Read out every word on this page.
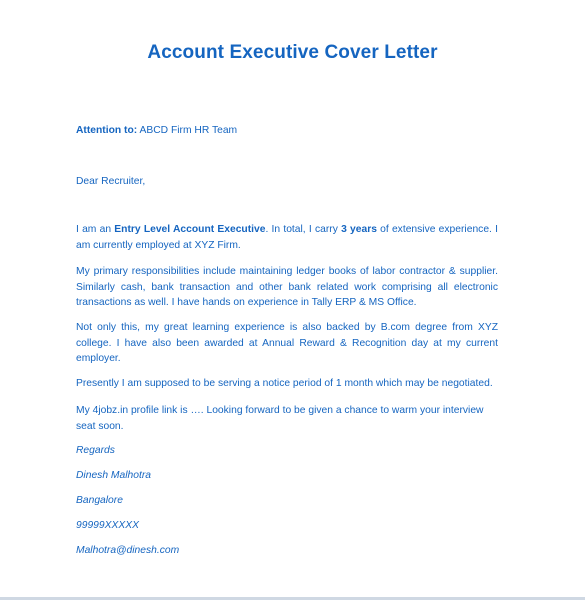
Account Executive Cover Letter

Attention to: ABCD Firm HR Team

Dear Recruiter,

I am an Entry Level Account Executive. In total, I carry 3 years of extensive experience. I am currently employed at XYZ Firm.

My primary responsibilities include maintaining ledger books of labor contractor & supplier. Similarly cash, bank transaction and other bank related work comprising all electronic transactions as well. I have hands on experience in Tally ERP & MS Office.

Not only this, my great learning experience is also backed by B.com degree from XYZ college. I have also been awarded at Annual Reward & Recognition day at my current employer.

Presently I am supposed to be serving a notice period of 1 month which may be negotiated.

My 4jobz.in profile link is …. Looking forward to be given a chance to warm your interview seat soon.

Regards

Dinesh Malhotra

Bangalore

99999XXXXX

Malhotra@dinesh.com
